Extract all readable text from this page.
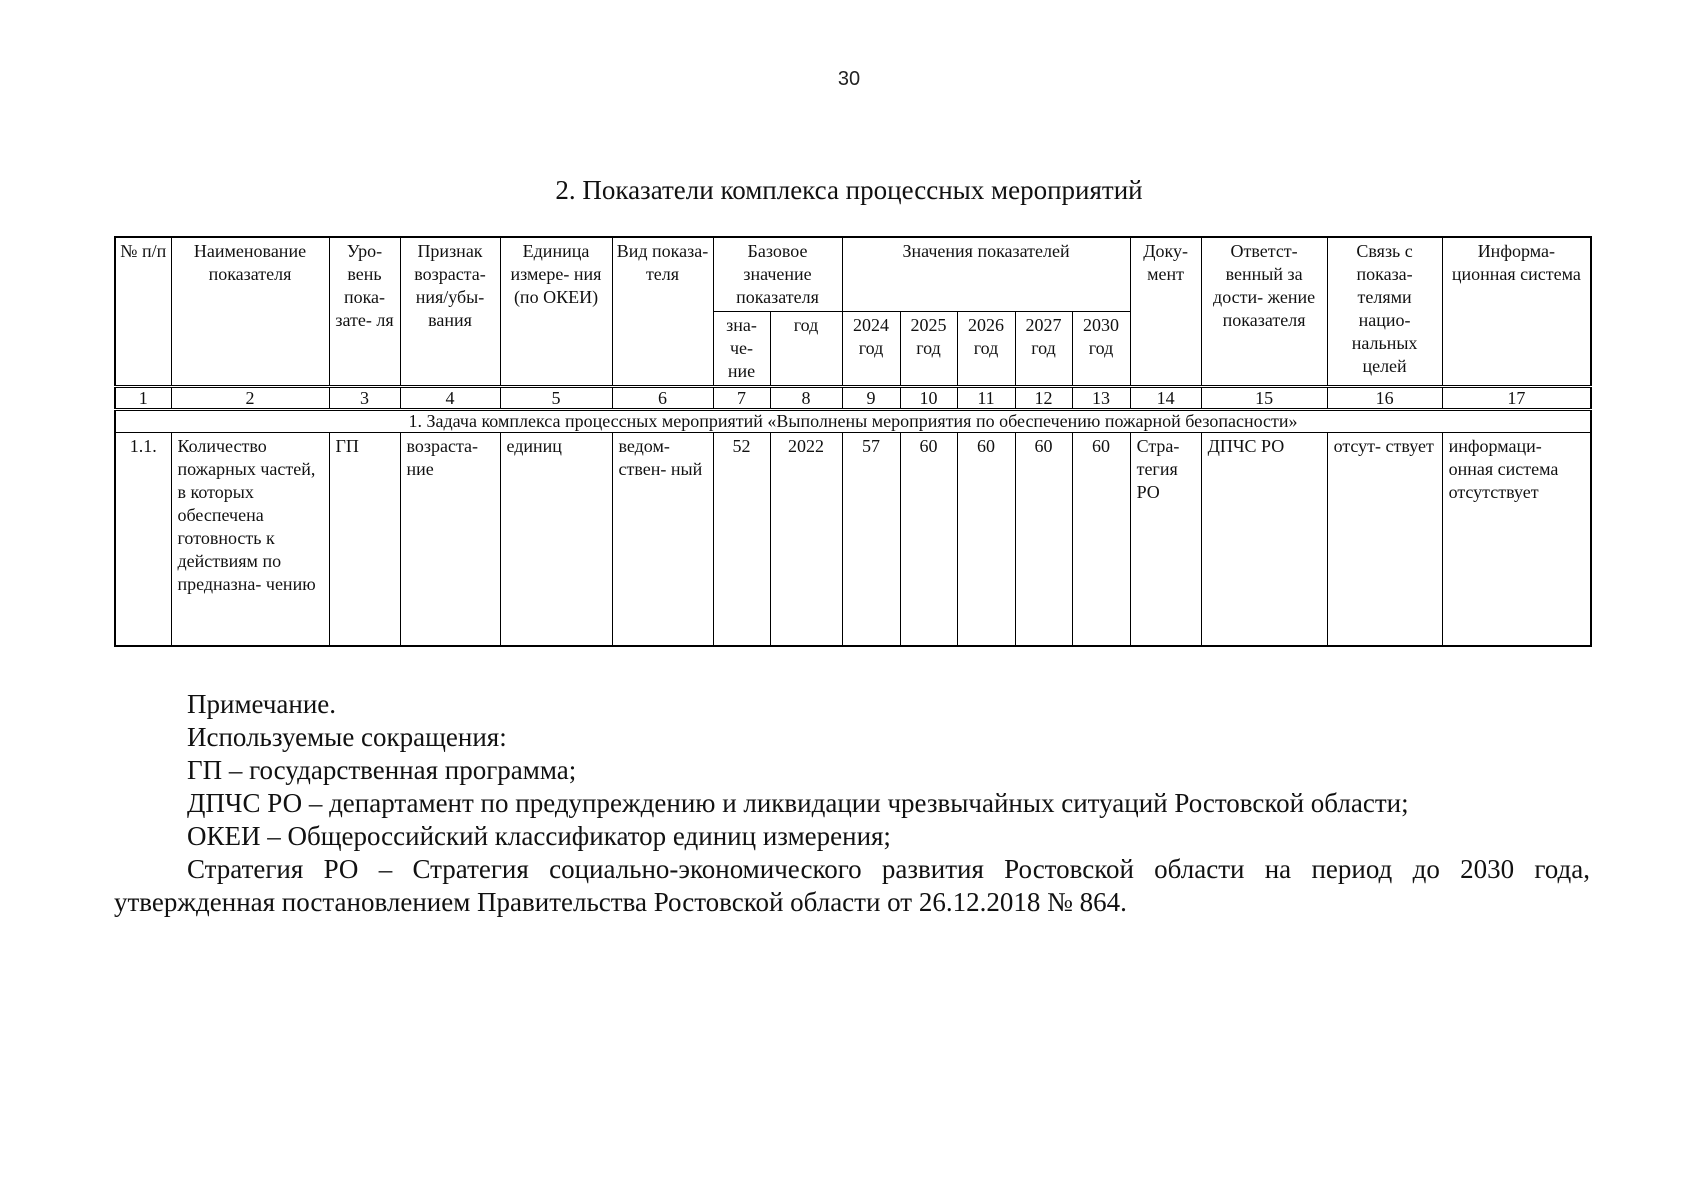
30
2. Показатели комплекса процессных мероприятий
№ п/п	Наименование показателя	Уро- вень пока- зате- ля	Признак возраста- ния/убы- вания	Единица измере- ния (по ОКЕИ)	Вид показа- теля	Базовое значение показателя		Значения показателей					Доку- мент	Ответст- венный за дости- жение показателя	Связь с показа- телями нацио- нальных целей	Информа- ционная система
						зна- че- ние	год	2024 год	2025 год	2026 год	2027 год	2030 год				
1	2	3	4	5	6	7	8	9	10	11	12	13	14	15	16	17
1. Задача комплекса процессных мероприятий «Выполнены мероприятия по обеспечению пожарной безопасности»																
1.1.	Количество пожарных частей, в которых обеспечена готовность к действиям по предназна- чению	ГП	возраста- ние	единиц	ведом- ствен- ный	52	2022	57	60	60	60	60	Стра- тегия РО	ДПЧС РО	отсут- ствует	информаци- онная система отсутствует

Примечание.

Используемые сокращения:

ГП – государственная программа;

ДПЧС РО – департамент по предупреждению и ликвидации чрезвычайных ситуаций Ростовской области;

ОКЕИ – Общероссийский классификатор единиц измерения;

Стратегия РО – Стратегия социально-экономического развития Ростовской области на период до 2030 года, утвержденная постановлением Правительства Ростовской области от 26.12.2018 № 864.
